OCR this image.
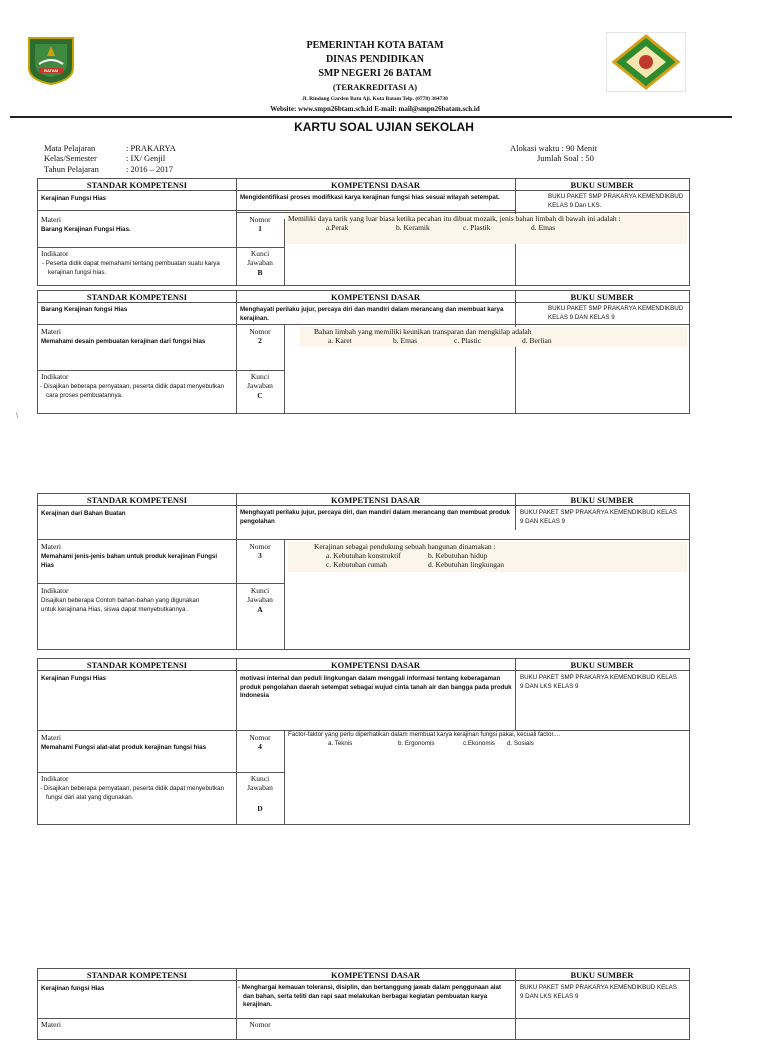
BATAM
PEMERINTAH KOTA BATAM
DINAS PENDIDIKAN
SMP NEGERI 26 BATAM
(TERAKREDITASI A)
Jl. Rindang Garden Batu Aji, Kota Batam Telp. (0778) 364730
Website: www.smpn26btam.sch.id E-mail: mail@smpn26batam.sch.id
KARTU SOAL UJIAN SEKOLAH
Mata Pelajaran	: PRAKARYA
Kelas/Semester	: IX/ Genjil
Tahun Pelajaran	: 2016 – 2017
Alokasi waktu : 90 Menit
Jumlah Soal : 50
\
STANDAR KOMPETENSI	KOMPETENSI DASAR	BUKU SUMBER
Kerajinan Fungsi Hias	Mengidentifikasi proses modifikasi karya kerajinan fungsi hias sesuai wilayah setempat.	BUKU PAKET SMP PRAKARYA KEMENDIKBUD KELAS 9 Dan LKS.
Materi
Barang Kerajinan Fungsi Hias.
Nomor
1
Memiliki daya tarik yang luar biasa ketika pecahan itu dibuat mozaik, jenis bahan limbah di bawah ini adalah :
a.Perak	b. Keramik	c. Plastik	d. Emas
Indikator
- Peserta didik dapat memahami tentang pembuatan suatu karya kerajinan fungsi hias.
Kunci
Jawaban
B
STANDAR KOMPETENSI	KOMPETENSI DASAR	BUKU SUMBER
Barang Kerajinan fungsi Hias	Menghayati perilaku jujur, percaya diri dan mandiri dalam merancang dan membuat karya kerajinan.
BUKU PAKET SMP PRAKARYA KEMENDIKBUD KELAS 9 DAN KELAS 9
Materi
Memahami desain pembuatan kerajinan dari fungsi hias
Nomor
2
Bahan limbah yang memiliki keunikan transparan dan mengkilap adalah
a. Karet	b. Emas	c. Plastic	d. Berlian
Indikator
- Disajikan beberapa pernyataan, peserta didik dapat menyebutkan cara proses pembuatannya.
Kunci
Jawaban
C
STANDAR KOMPETENSI	KOMPETENSI DASAR	BUKU SUMBER
Kerajinan dari Bahan Buatan	Menghayati perilaku jujur, percaya diri, dan mandiri dalam merancang dan membuat produk pengolahan
BUKU PAKET SMP PRAKARYA KEMENDIKBUD KELAS 9 DAN KELAS 9
Materi
Memahami jenis-jenis bahan untuk produk kerajinan Fungsi Hias
Nomor
3
Kerajinan sebagai pendukung sebuah bangunan dinamakan :
a. Kebutuhan konstruktif	b. Kebutuhan hidup
c. Kebutuhan rumah	d. Kebutuhan lingkungan
Indikator
Disajikan beberapa Contoh bahan-bahan yang digunakan untuk kerajinana Hias, siswa dapat menyebutkannya .
Kunci
Jawaban
A
STANDAR KOMPETENSI	KOMPETENSI DASAR	BUKU SUMBER
Kerajinan Fungsi Hias	motivasi internal dan peduli lingkungan dalam menggali informasi tentang keberagaman produk pengolahan daerah setempat sebagai wujud cinta tanah air dan bangga pada produk Indonesia
BUKU PAKET SMP PRAKARYA KEMENDIKBUD KELAS 9 DAN LKS KELAS 9
Materi
Memahami Fungsi alat-alat produk kerajinan fungsi hias
Nomor
4
Factor-faktor yang perlu diperhatikan dalam membuat karya kerajinan fungsi pakai, kecuali factor....
a. Teknis	b. Ergonomis	c.Ekonomis d. Sosials
Indikator
- Disajikan beberapa pernyataan, peserta didik dapat menyebutkan fungsi dari alat yang digunakan.
Kunci
Jawaban
D
STANDAR KOMPETENSI	KOMPETENSI DASAR	BUKU SUMBER
Kerajinan fungsi Hias	- Menghargai kemauan toleransi, disiplin, dan bertanggung jawab dalam penggunaan alat dan bahan, serta teliti dan rapi saat melakukan berbagai kegiatan pembuatan karya kerajinan.
BUKU PAKET SMP PRAKARYA KEMENDIKBUD KELAS 9 DAN LKS KELAS 9
Materi	Nomor
